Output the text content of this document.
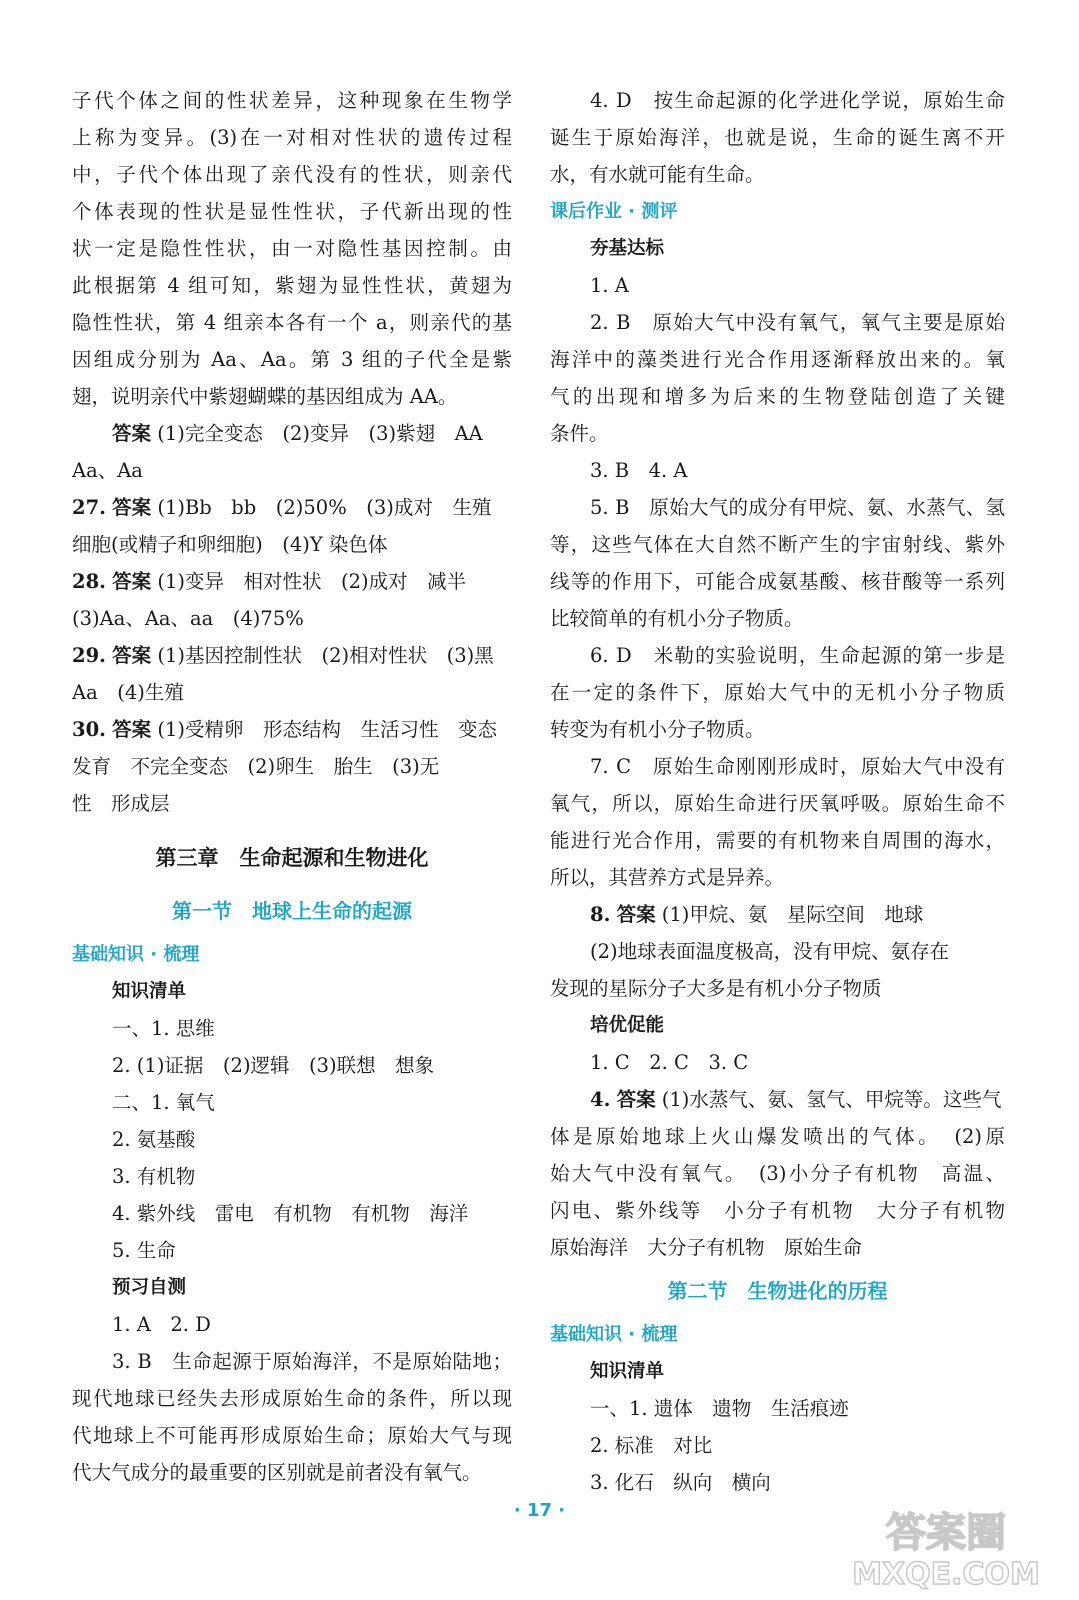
子代个体之间的性状差异，这种现象在生物学
上称为变异。(3)在一对相对性状的遗传过程
中，子代个体出现了亲代没有的性状，则亲代
个体表现的性状是显性性状，子代新出现的性
状一定是隐性性状，由一对隐性基因控制。由
此根据第 4 组可知，紫翅为显性性状，黄翅为
隐性性状，第 4 组亲本各有一个 a，则亲代的基
因组成分别为 Aa、Aa。第 3 组的子代全是紫
翅，说明亲代中紫翅蝴蝶的基因组成为 AA。
答案 (1)完全变态　(2)变异　(3)紫翅　AA
Aa、Aa
27. 答案 (1)Bb　bb　(2)50%　(3)成对　生殖
细胞(或精子和卵细胞)　(4)Y 染色体
28. 答案 (1)变异　相对性状　(2)成对　减半
(3)Aa、Aa、aa　(4)75%
29. 答案 (1)基因控制性状　(2)相对性状　(3)黑
Aa　(4)生殖
30. 答案 (1)受精卵　形态结构　生活习性　变态
发育　不完全变态　(2)卵生　胎生　(3)无
性　形成层
第三章　生命起源和生物进化
第一节　地球上生命的起源
基础知识 · 梳理
知识清单
一、1. 思维
2. (1)证据　(2)逻辑　(3)联想　想象
二、1. 氧气
2. 氨基酸
3. 有机物
4. 紫外线　雷电　有机物　有机物　海洋
5. 生命
预习自测
1. A　2. D
3. B　生命起源于原始海洋，不是原始陆地；
现代地球已经失去形成原始生命的条件，所以现
代地球上不可能再形成原始生命；原始大气与现
代大气成分的最重要的区别就是前者没有氧气。
4. D　按生命起源的化学进化学说，原始生命
诞生于原始海洋，也就是说，生命的诞生离不开
水，有水就可能有生命。
课后作业 · 测评
夯基达标
1. A
2. B　原始大气中没有氧气，氧气主要是原始
海洋中的藻类进行光合作用逐渐释放出来的。氧
气的出现和增多为后来的生物登陆创造了关键
条件。
3. B　4. A
5. B　原始大气的成分有甲烷、氨、水蒸气、氢
等，这些气体在大自然不断产生的宇宙射线、紫外
线等的作用下，可能合成氨基酸、核苷酸等一系列
比较简单的有机小分子物质。
6. D　米勒的实验说明，生命起源的第一步是
在一定的条件下，原始大气中的无机小分子物质
转变为有机小分子物质。
7. C　原始生命刚刚形成时，原始大气中没有
氧气，所以，原始生命进行厌氧呼吸。原始生命不
能进行光合作用，需要的有机物来自周围的海水，
所以，其营养方式是异养。
8. 答案 (1)甲烷、氨　星际空间　地球
(2)地球表面温度极高，没有甲烷、氨存在
发现的星际分子大多是有机小分子物质
培优促能
1. C　2. C　3. C
4. 答案 (1)水蒸气、氨、氢气、甲烷等。这些气
体是原始地球上火山爆发喷出的气体。　(2)原
始大气中没有氧气。　(3)小分子有机物　高温、
闪电、紫外线等　小分子有机物　大分子有机物
原始海洋　大分子有机物　原始生命
第二节　生物进化的历程
基础知识 · 梳理
知识清单
一、1. 遗体　遗物　生活痕迹
2. 标准　对比
3. 化石　纵向　横向
· 17 ·	答案圈
MXQE.COM
